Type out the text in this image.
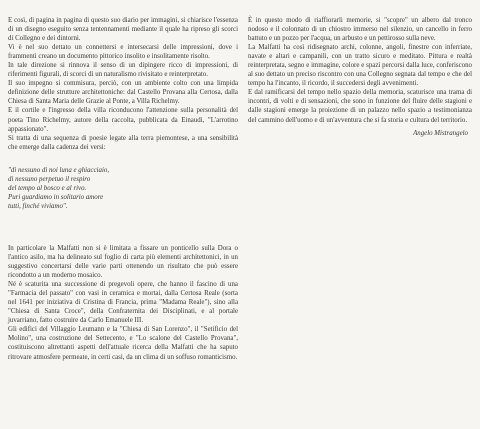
E così, di pagina in pagina di questo suo diario per immagini, si chiarisce l'essenza di un disegno eseguito senza tentennamenti mediante il quale ha ripreso gli scorci di Collegno e dei dintorni.

Vi è nel suo dettato un connettersi e intersecarsi delle impressioni, dove i frammenti creano un documento pittorico insolito e insolitamente risolto.

In tale direzione si rinnova il senso di un dipingere ricco di impressioni, di riferimenti figurali, di scorci di un naturalismo rivisitato e reinterpretato.

Il suo impegno si commisura, perciò, con un ambiente colto con una limpida definizione delle strutture architettoniche: dal Castello Provana alla Certosa, dalla Chiesa di Santa Maria delle Grazie al Ponte, a Villa Richelmy.

E il cortile e l'ingresso della villa riconducono l'attenzione sulla personalità del poeta Tino Richelmy, autore della raccolta, pubblicata da Einaudi, "L'arrotino appassionato".

Si tratta di una sequenza di poesie legate alla terra piemontese, a una sensibilità che emerge dalla cadenza dei versi:

"di nessuno di noi luna e ghiacciaio,

di nessuno perpetuo il respiro

del tempo al bosco e al rivo.

Puri guardiamo in solitario amore

tutti, finché viviamo".

In particolare la Malfatti non si è limitata a fissare un ponticello sulla Dora o l'antico asilo, ma ha delineato sul foglio di carta più elementi architettonici, in un suggestivo concertarsi delle varie parti ottenendo un risultato che può essere ricondotto a un moderno mosaico.

Né è scaturita una successione di pregevoli opere, che hanno il fascino di una "Farmacia del passato" con vasi in ceramica e mortai, dalla Certosa Reale (sorta nel 1641 per iniziativa di Cristina di Francia, prima "Madama Reale"), sino alla "Chiesa di Santa Croce", della Confraternita dei Disciplinati, e al portale juvarriano, fatto costruire da Carlo Emanuele III.

Gli edifici del Villaggio Leumann e la "Chiesa di San Lorenzo", il "Setificio del Molino", una costruzione del Settecento, e "Lo scalone del Castello Provana", costituiscono altrettanti aspetti dell'attuale ricerca della Malfatti che ha saputo ritrovare atmosfere permeate, in certi casi, da un clima di un soffuso romanticismo.

È in questo modo di riaffiorarli memorie, si "scopre" un albero dal tronco nodoso e il colonnato di un chiostro immerso nel silenzio, un cancello in ferro battuto e un pozzo per l'acqua, un arbusto e un pettirosso sulla neve.

La Malfatti ha così ridisegnato archi, colonne, angoli, finestre con inferriate, navate e altari e campanili, con un tratto sicuro e meditato. Pittura e realtà reinterpretata, segno e immagine, colore e spazi percorsi dalla luce, conferiscono al suo dettato un preciso riscontro con una Collegno segnata dal tempo e che del tempo ha l'incanto, il ricordo, il succedersi degli avvenimenti.

E dal ramificarsi del tempo nello spazio della memoria, scaturisce una trama di incontri, di volti e di sensazioni, che sono in funzione del fluire delle stagioni e dalle stagioni emerge la proiezione di un palazzo nello spazio a testimonianza del cammino dell'uomo e di un'avventura che si fa storia e cultura del territorio.

Angelo Mistrangelo
